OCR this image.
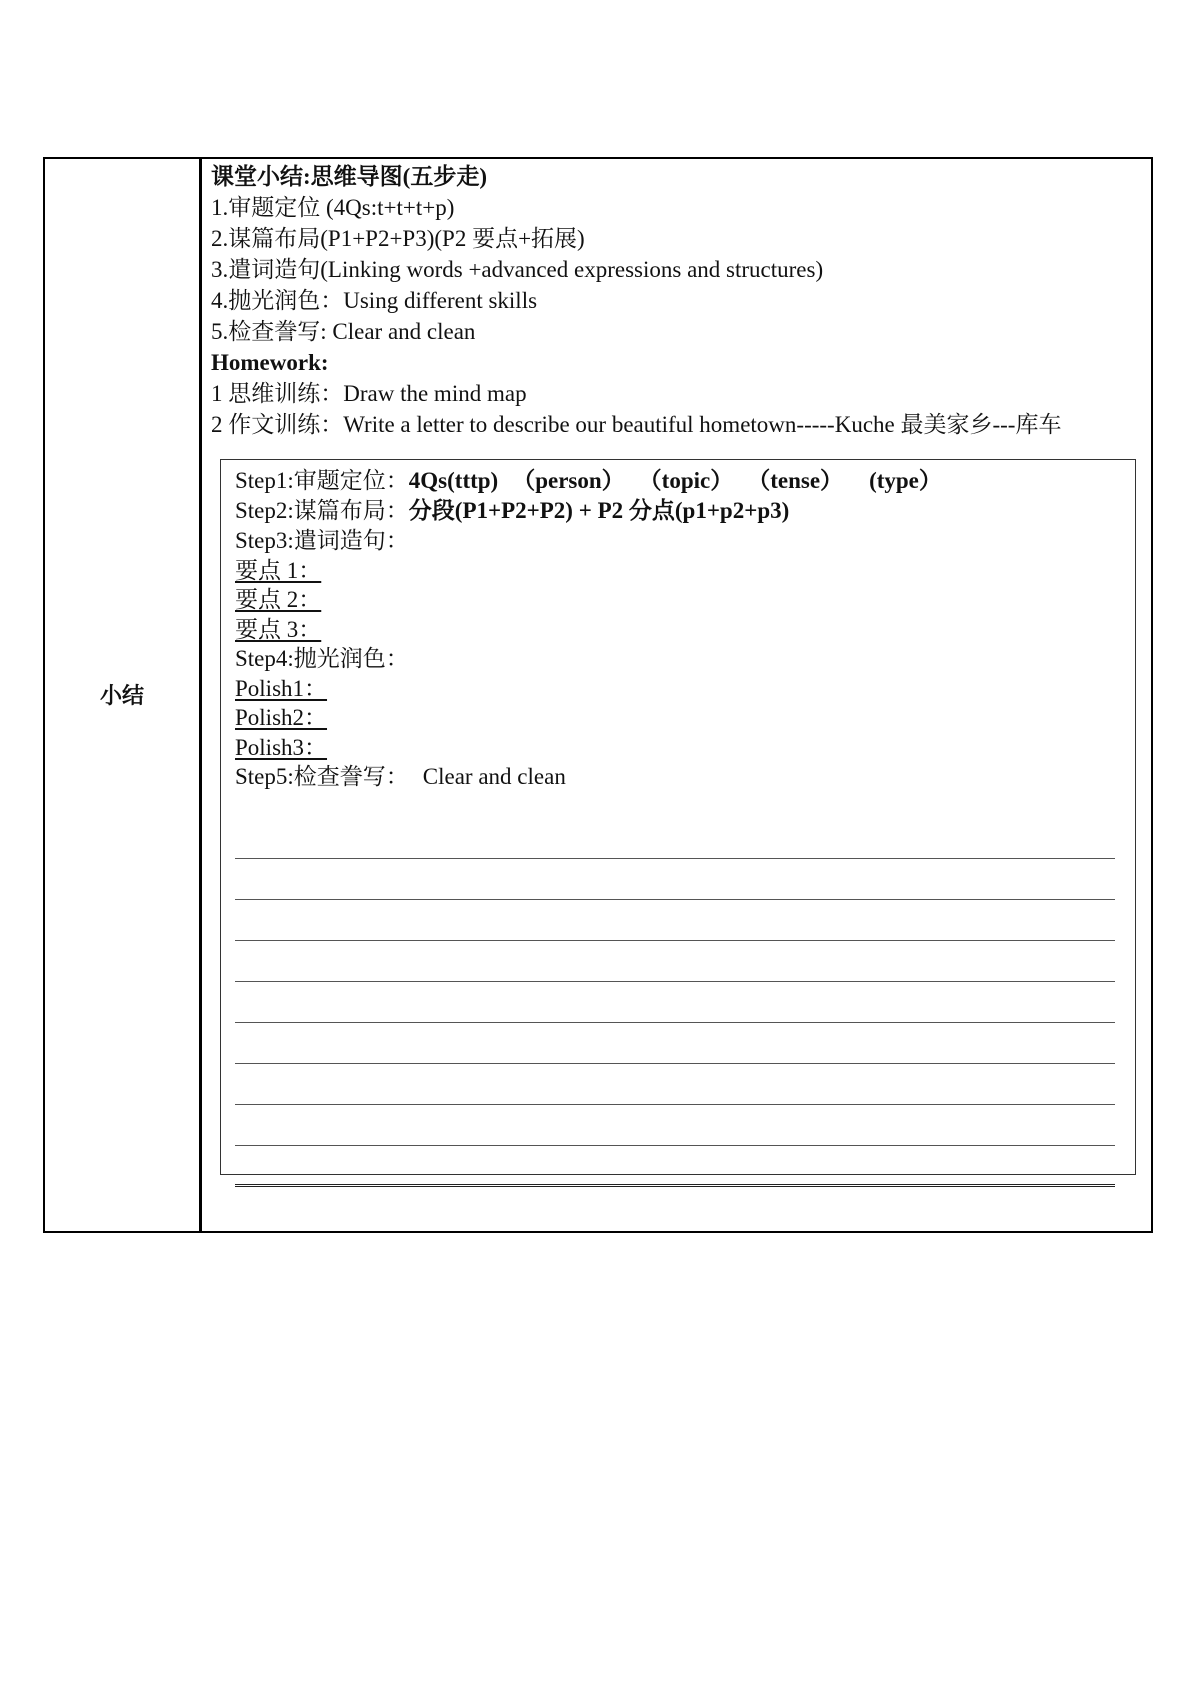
小结
课堂小结:思维导图(五步走)
1.审题定位 (4Qs:t+t+t+p)
2.谋篇布局(P1+P2+P3)(P2 要点+拓展)
3.遣词造句(Linking words +advanced expressions and structures)
4.抛光润色：Using different skills
5.检查誊写: Clear and clean
Homework:
1 思维训练：Draw the mind map
2 作文训练：Write a letter to describe our beautiful hometown-----Kuche 最美家乡---库车
Step1:审题定位：4Qs(tttp) （person） （topic） （tense） (type）
Step2:谋篇布局：分段(P1+P2+P2) + P2 分点(p1+p2+p3)
Step3:遣词造句：
要点 1：
要点 2：
要点 3：
Step4:抛光润色：
Polish1：
Polish2：
Polish3：
Step5:检查誊写： Clear and clean
